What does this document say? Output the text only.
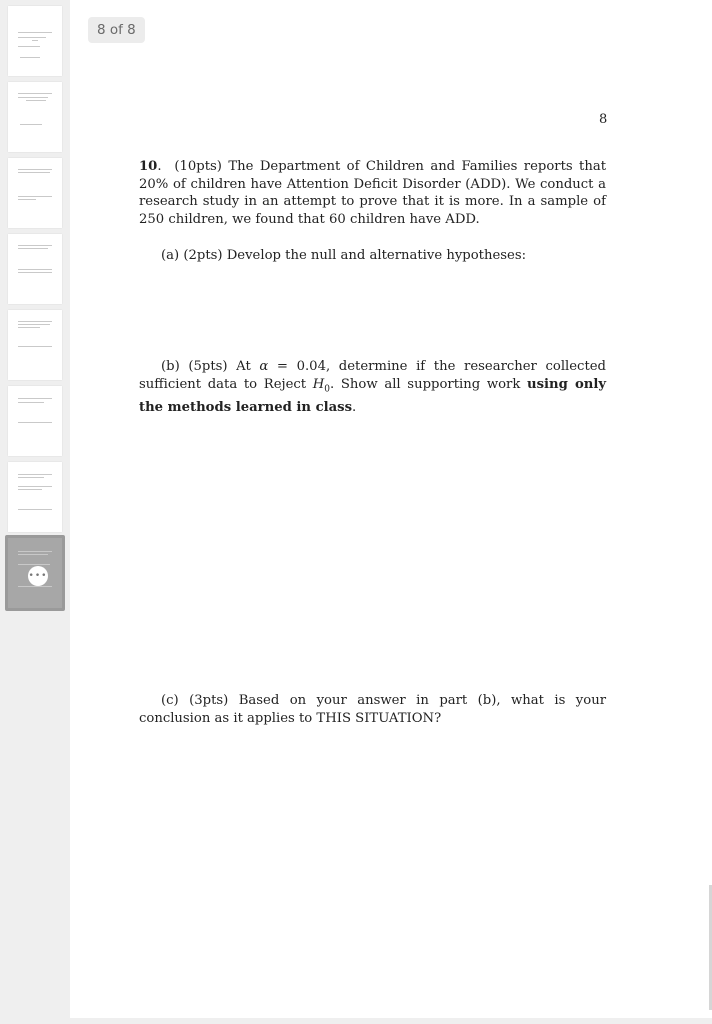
•••
8 of 8
8
10.  (10pts) The Department of Children and Families reports that 20% of children have Attention Deficit Disorder (ADD). We conduct a research study in an attempt to prove that it is more. In a sample of 250 children, we found that 60 children have ADD.
(a) (2pts) Develop the null and alternative hypotheses:
(b) (5pts) At α = 0.04, determine if the researcher collected sufficient data to Reject $H_0$. Show all supporting work using only the methods learned in class.
(c) (3pts) Based on your answer in part (b), what is your conclusion as it applies to THIS SITUATION?
